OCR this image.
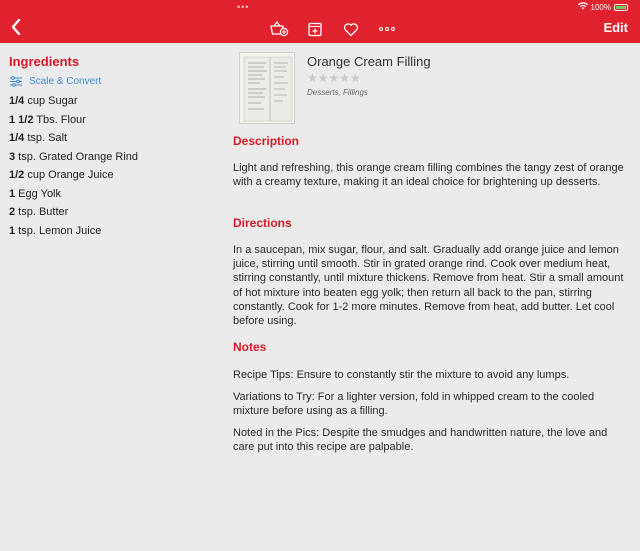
•••	100%
Edit
Ingredients
Scale & Convert
1/4 cup Sugar
1 1/2 Tbs. Flour
1/4 tsp. Salt
3 tsp. Grated Orange Rind
1/2 cup Orange Juice
1 Egg Yolk
2 tsp. Butter
1 tsp. Lemon Juice
Orange Cream Filling
★★★★★
Desserts, Fillings
Description
Light and refreshing, this orange cream filling combines the tangy zest of orange with a creamy texture, making it an ideal choice for brightening up desserts.
Directions
In a saucepan, mix sugar, flour, and salt. Gradually add orange juice and lemon juice, stirring until smooth. Stir in grated orange rind. Cook over medium heat, stirring constantly, until mixture thickens. Remove from heat. Stir a small amount of hot mixture into beaten egg yolk; then return all back to the pan, stirring constantly. Cook for 1-2 more minutes. Remove from heat, add butter. Let cool before using.
Notes
Recipe Tips: Ensure to constantly stir the mixture to avoid any lumps.
Variations to Try: For a lighter version, fold in whipped cream to the cooled mixture before using as a filling.
Noted in the Pics: Despite the smudges and handwritten nature, the love and care put into this recipe are palpable.
